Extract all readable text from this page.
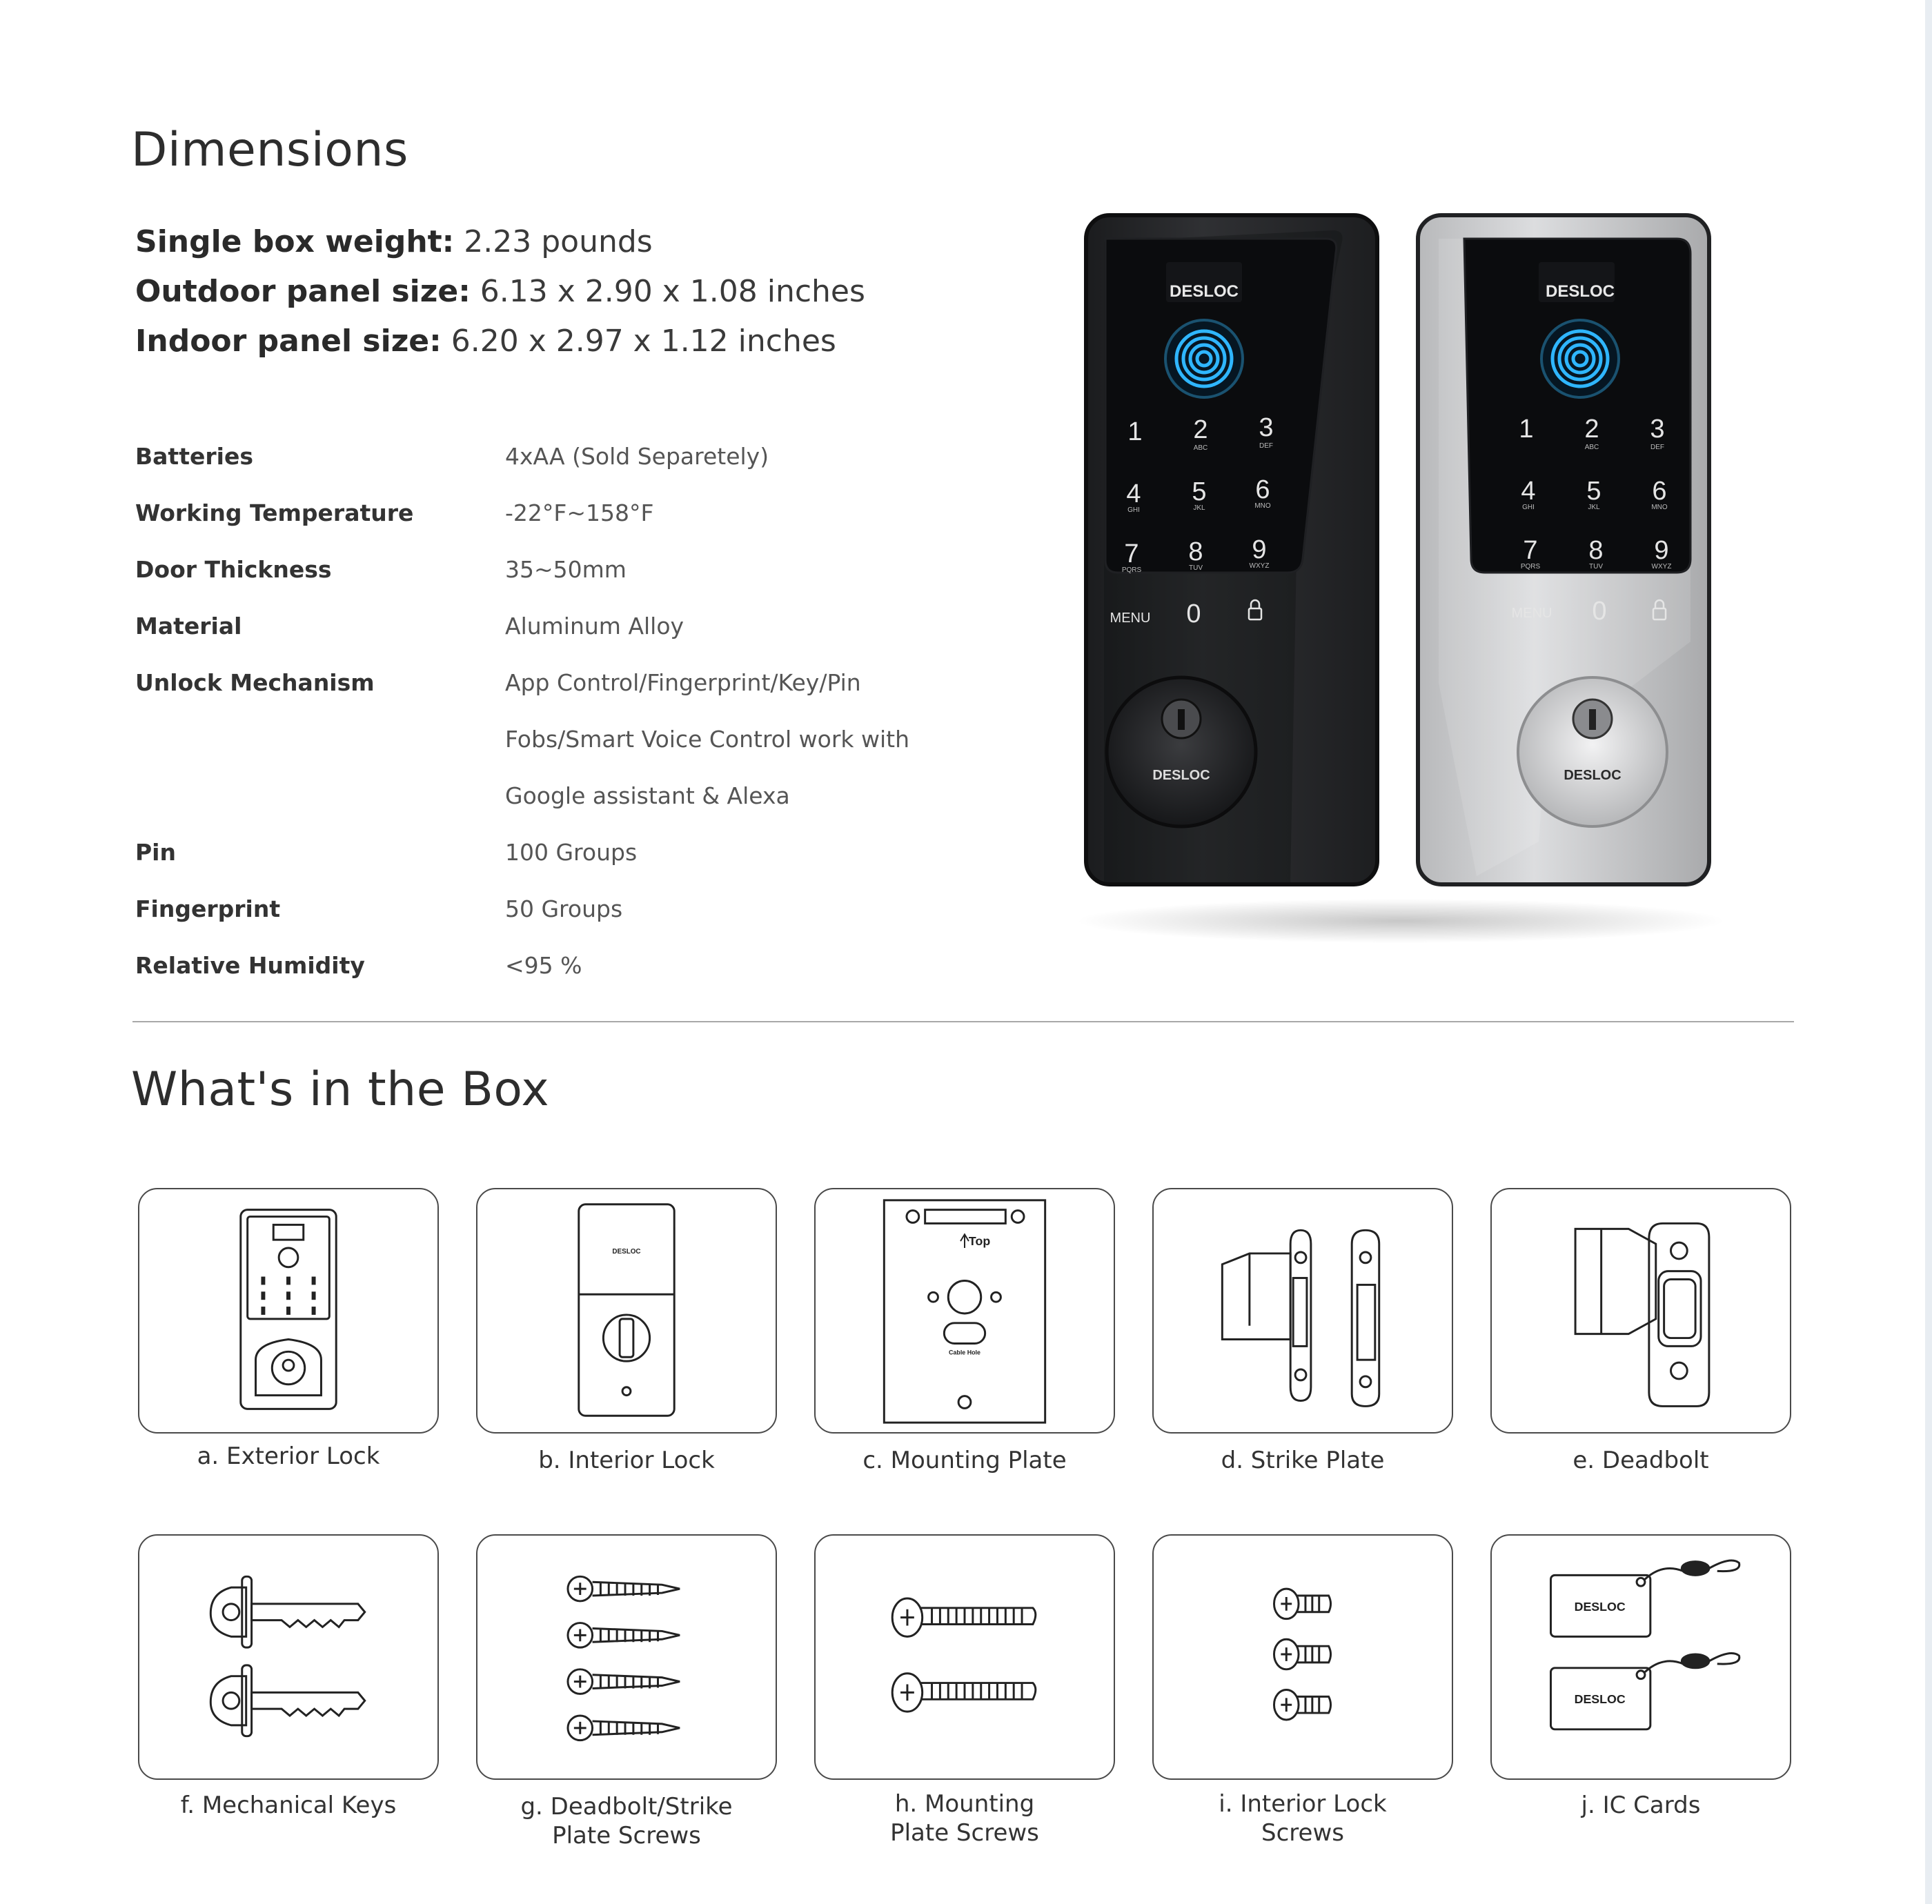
Dimensions
Single box weight: 2.23 pounds
Outdoor panel size: 6.13 x 2.90 x 1.08 inches
Indoor panel size: 6.20 x 2.97 x 1.12 inches
Batteries	4xAA (Sold Separetely)
Working Temperature	-22°F~158°F
Door Thickness	35~50mm
Material	Aluminum Alloy
Unlock Mechanism	App Control/Fingerprint/Key/Pin
Fobs/Smart Voice Control work with
Google assistant & Alexa
Pin	100 Groups
Fingerprint	50 Groups
Relative Humidity	<95 %
DESLOC
1 2 3
4 5 6
7 8 9
MENU 0
ABC	DEF
GHI	JKL	MNO
PQRS	TUV	WXYZ
DESLOC
DESLOC
1 2 3
4 5 6
7 8 9
MENU 0
ABC	DEF
GHI	JKL	MNO
PQRS	TUV	WXYZ
DESLOC
What's in the Box
a. Exterior Lock
DESLOC
b. Interior Lock
Top
Cable Hole
c. Mounting Plate	d. Strike Plate	e. Deadbolt
f. Mechanical Keys	g. Deadbolt/Strike
Plate Screws
h. Mounting
Plate Screws
i. Interior Lock
Screws
DESLOC
DESLOC
j. IC Cards
